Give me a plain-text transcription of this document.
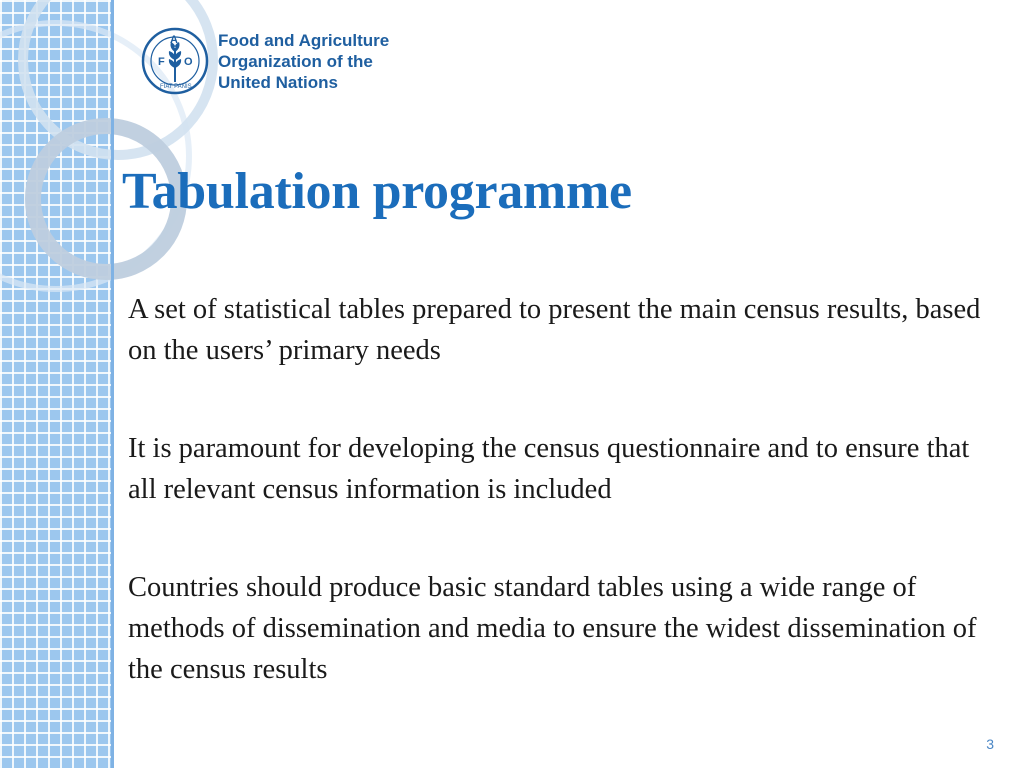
F
A
O
FIAT PANIS
Food and Agriculture
Organization of the
United Nations
Tabulation programme

A set of statistical tables prepared to present the main census results, based on the users’ primary needs

It is paramount for developing the census questionnaire and to ensure that all relevant census information is included

Countries should produce basic standard tables using a wide range of methods of dissemination and media to ensure the widest dissemination of the census results

3
